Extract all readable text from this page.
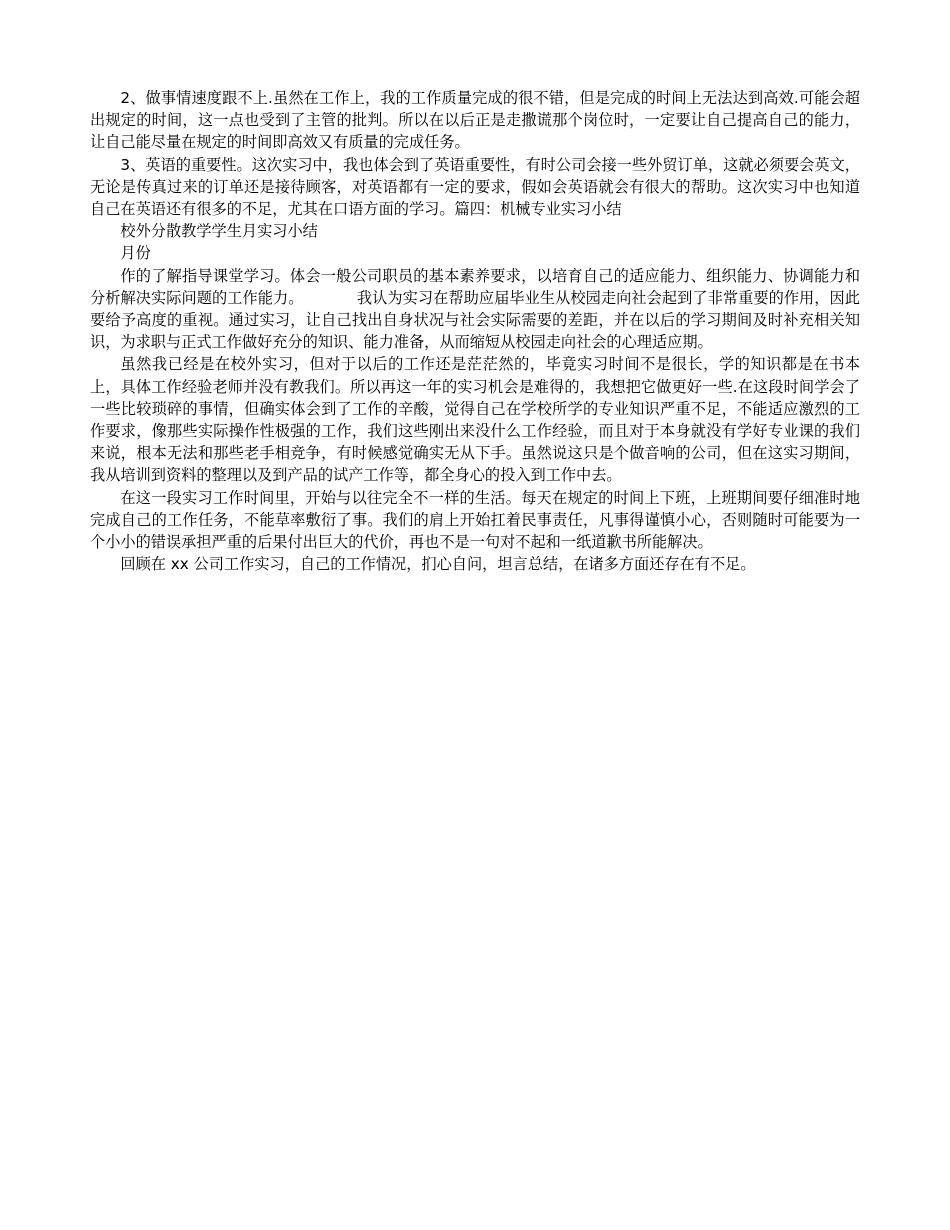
2、做事情速度跟不上.虽然在工作上，我的工作质量完成的很不错，但是完成的时间上无法达到高效.可能会超出规定的时间，这一点也受到了主管的批判。所以在以后正是走撒谎那个岗位时，一定要让自己提高自己的能力，让自己能尽量在规定的时间即高效又有质量的完成任务。

3、英语的重要性。这次实习中，我也体会到了英语重要性，有时公司会接一些外贸订单，这就必须要会英文，无论是传真过来的订单还是接待顾客，对英语都有一定的要求，假如会英语就会有很大的帮助。这次实习中也知道自己在英语还有很多的不足，尤其在口语方面的学习。篇四：机械专业实习小结

校外分散教学学生月实习小结

月份

作的了解指导课堂学习。体会一般公司职员的基本素养要求，以培育自己的适应能力、组织能力、协调能力和分析解决实际问题的工作能力。　　　　我认为实习在帮助应届毕业生从校园走向社会起到了非常重要的作用，因此要给予高度的重视。通过实习，让自己找出自身状况与社会实际需要的差距，并在以后的学习期间及时补充相关知识，为求职与正式工作做好充分的知识、能力准备，从而缩短从校园走向社会的心理适应期。

虽然我已经是在校外实习，但对于以后的工作还是茫茫然的，毕竟实习时间不是很长，学的知识都是在书本上，具体工作经验老师并没有教我们。所以再这一年的实习机会是难得的，我想把它做更好一些.在这段时间学会了一些比较琐碎的事情，但确实体会到了工作的辛酸，觉得自己在学校所学的专业知识严重不足，不能适应激烈的工作要求，像那些实际操作性极强的工作，我们这些刚出来没什么工作经验，而且对于本身就没有学好专业课的我们来说，根本无法和那些老手相竞争，有时候感觉确实无从下手。虽然说这只是个做音响的公司，但在这实习期间，我从培训到资料的整理以及到产品的试产工作等，都全身心的投入到工作中去。

在这一段实习工作时间里，开始与以往完全不一样的生活。每天在规定的时间上下班，上班期间要仔细准时地完成自己的工作任务，不能草率敷衍了事。我们的肩上开始扛着民事责任，凡事得谨慎小心，否则随时可能要为一个小小的错误承担严重的后果付出巨大的代价，再也不是一句对不起和一纸道歉书所能解决。

回顾在 xx 公司工作实习，自己的工作情况，扪心自问，坦言总结，在诸多方面还存在有不足。
